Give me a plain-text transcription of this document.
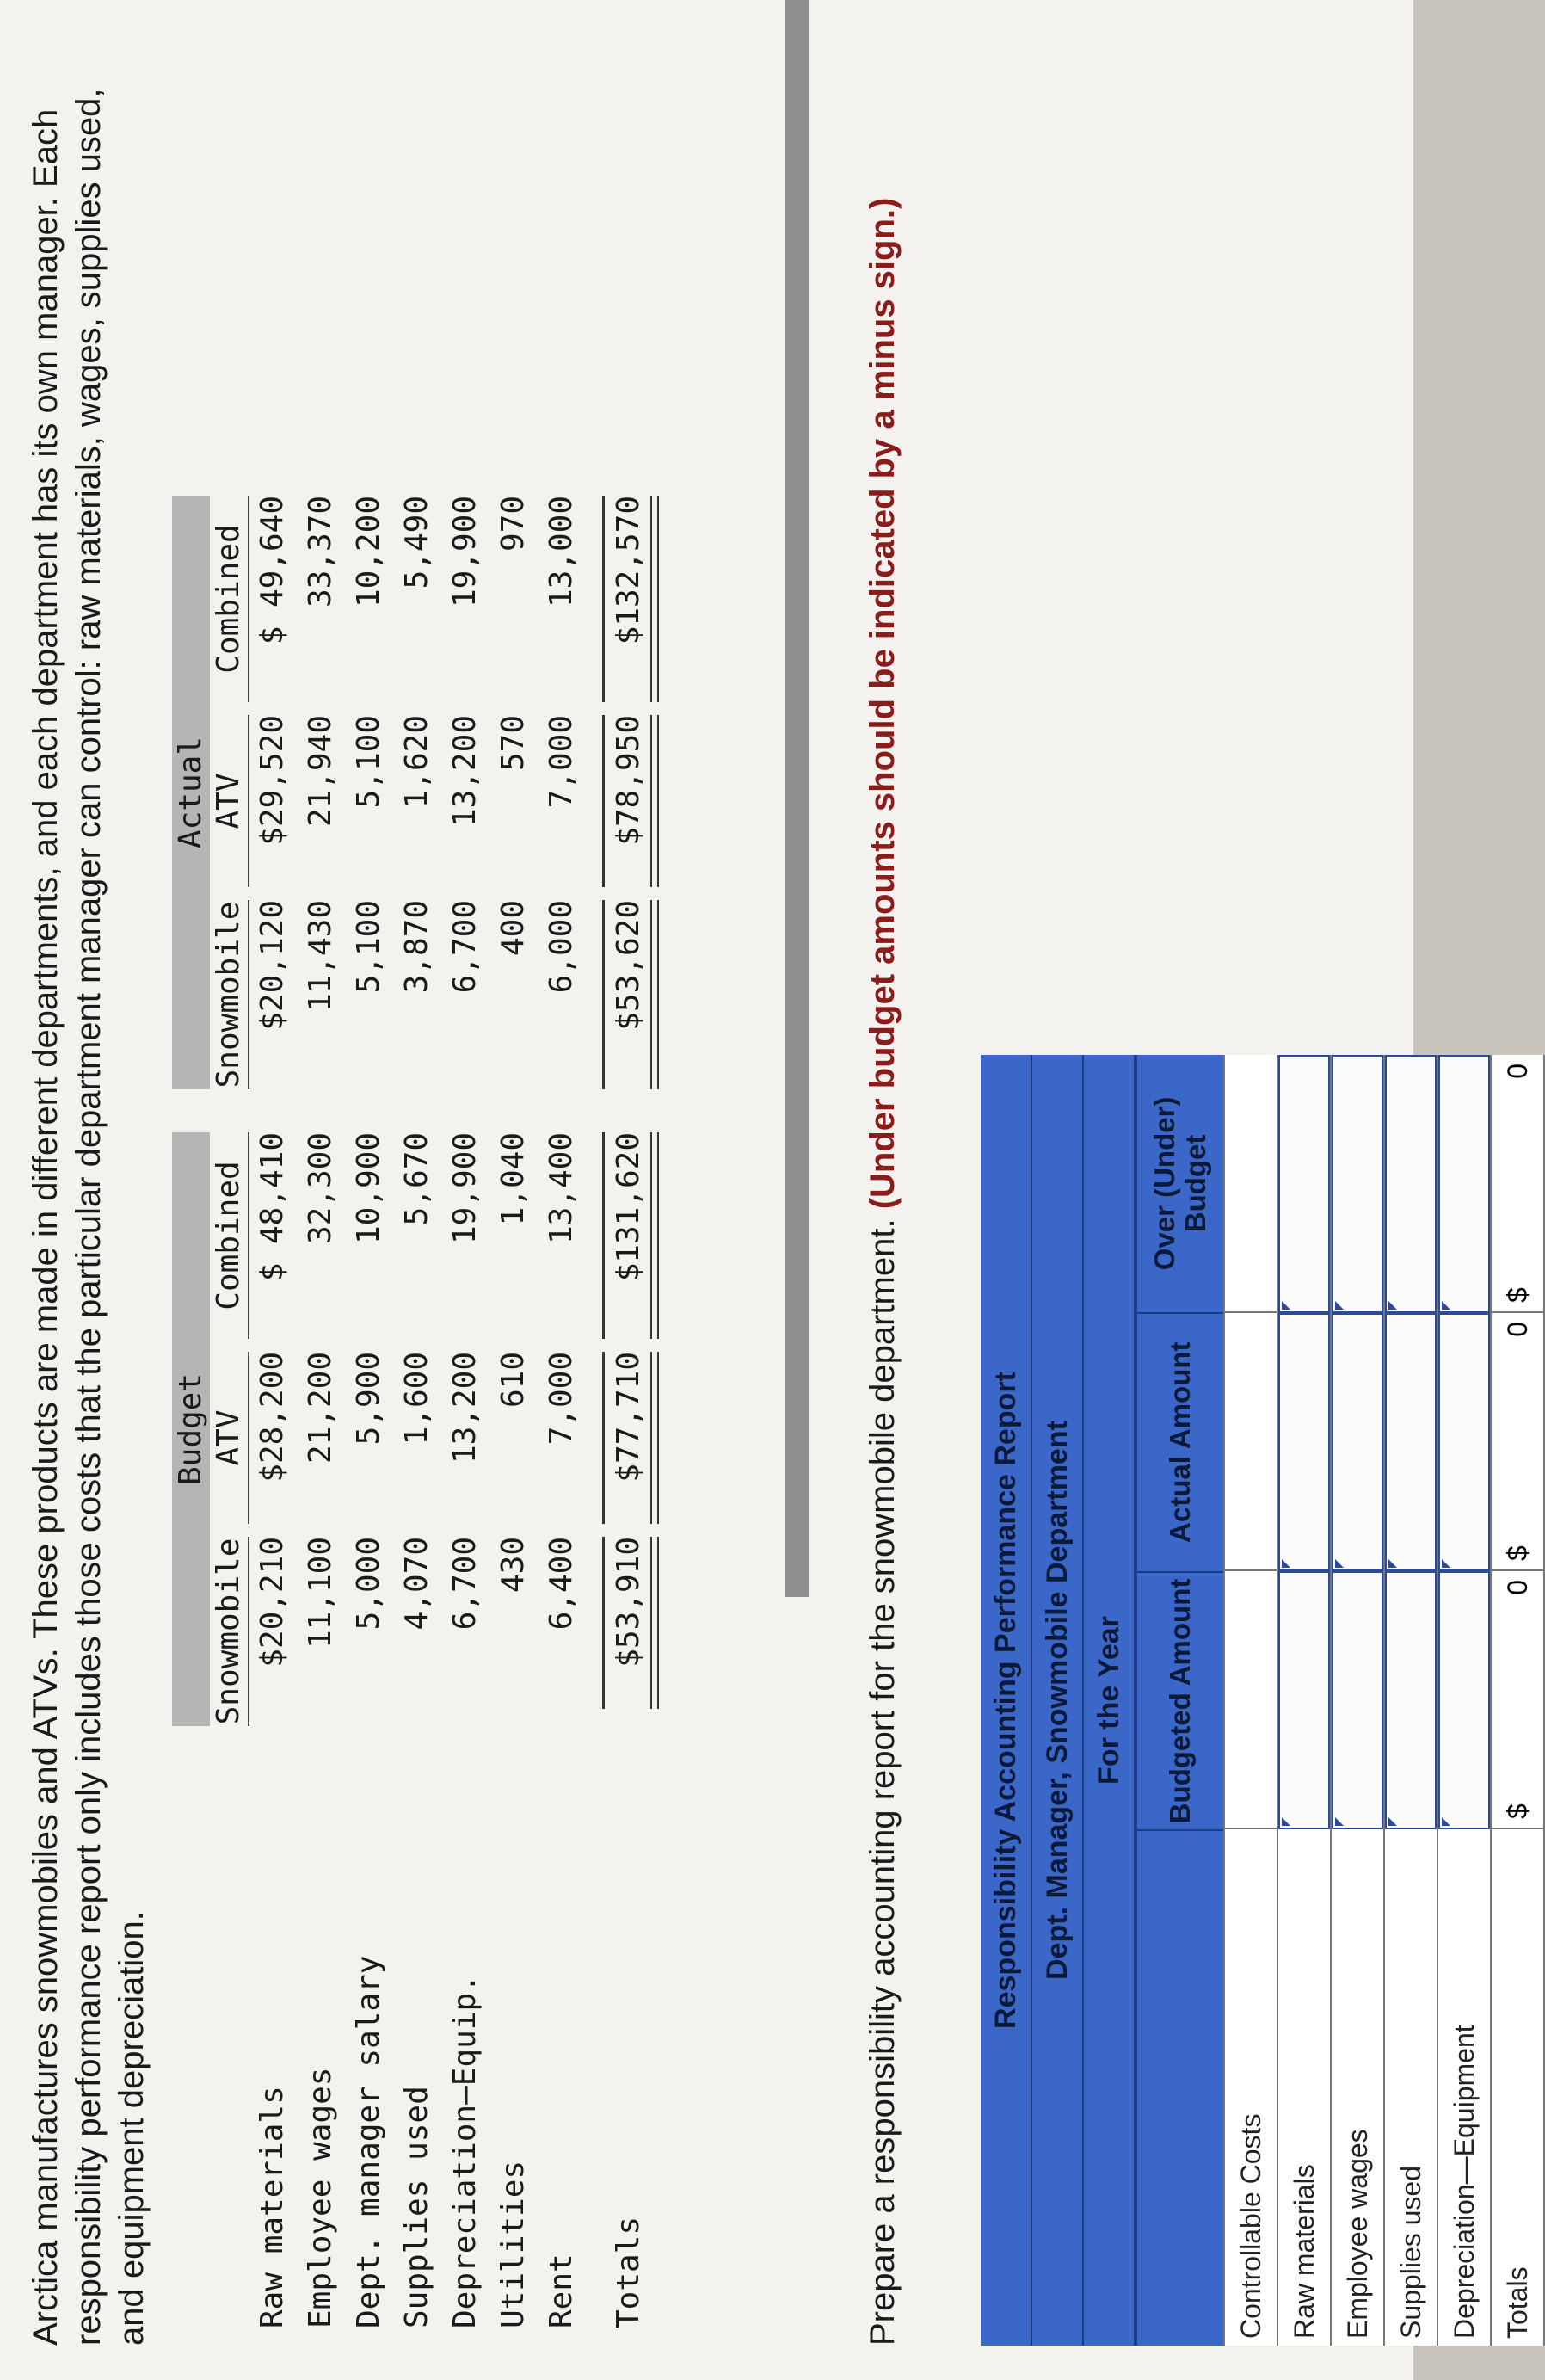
Arctica manufactures snowmobiles and ATVs. These products are made in different departments, and each department has its own manager. Each responsibility performance report only includes those costs that the particular department manager can control: raw materials, wages, supplies used, and equipment depreciation.
Budget
Actual
Snowmobile
ATV
Combined
Snowmobile
ATV
Combined
Raw materials
$20,210
$28,200
$ 48,410
$20,120
$29,520
$ 49,640
Employee wages
11,100
21,200
32,300
11,430
21,940
33,370
Dept. manager salary
5,000
5,900
10,900
5,100
5,100
10,200
Supplies used
4,070
1,600
5,670
3,870
1,620
5,490
Depreciation—Equip.
6,700
13,200
19,900
6,700
13,200
19,900
Utilities
430
610
1,040
400
570
970
Rent
6,400
7,000
13,400
6,000
7,000
13,000
Totals
$53,910
$77,710
$131,620
$53,620
$78,950
$132,570
Prepare a responsibility accounting report for the snowmobile department. (Under budget amounts should be indicated by a minus sign.)
Responsibility Accounting Performance Report Dept. Manager, Snowmobile Department For the Year	Budgeted Amount
Actual Amount
Over (Under) Budget
Controllable Costs Raw materials Employee wages Supplies used Depreciation—Equipment Totals
$
0
$
0
$
0
